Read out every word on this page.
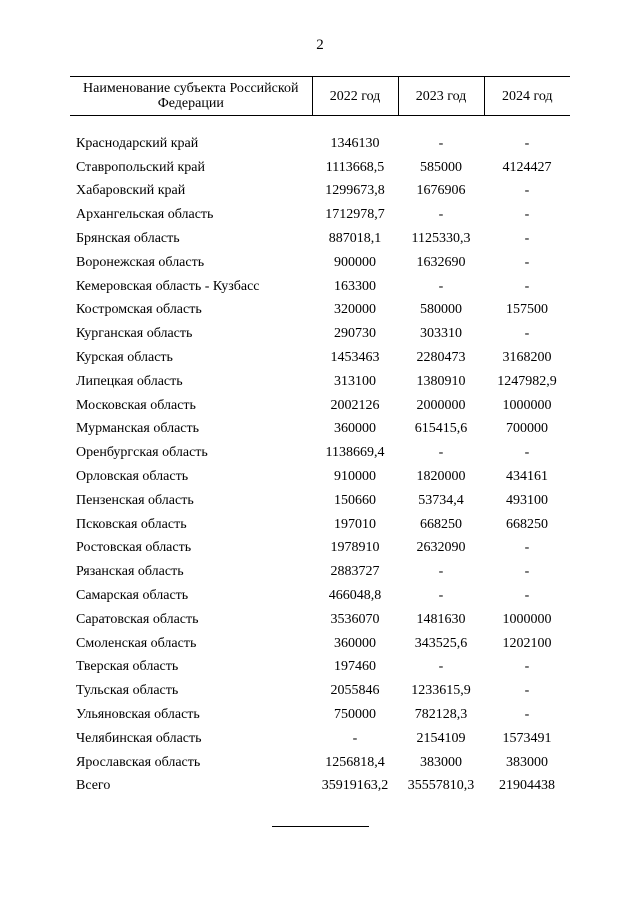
2
Наименование субъекта Российской Федерации	2022 год	2023 год	2024 год

Краснодарский край	1346130	-	-
Ставропольский край	1113668,5	585000	4124427
Хабаровский край	1299673,8	1676906	-
Архангельская область	1712978,7	-	-
Брянская область	887018,1	1125330,3	-
Воронежская область	900000	1632690	-
Кемеровская область - Кузбасс	163300	-	-
Костромская область	320000	580000	157500
Курганская область	290730	303310	-
Курская область	1453463	2280473	3168200
Липецкая область	313100	1380910	1247982,9
Московская область	2002126	2000000	1000000
Мурманская область	360000	615415,6	700000
Оренбургская область	1138669,4	-	-
Орловская область	910000	1820000	434161
Пензенская область	150660	53734,4	493100
Псковская область	197010	668250	668250
Ростовская область	1978910	2632090	-
Рязанская область	2883727	-	-
Самарская область	466048,8	-	-
Саратовская область	3536070	1481630	1000000
Смоленская область	360000	343525,6	1202100
Тверская область	197460	-	-
Тульская область	2055846	1233615,9	-
Ульяновская область	750000	782128,3	-
Челябинская область	-	2154109	1573491
Ярославская область	1256818,4	383000	383000
Всего	35919163,2	35557810,3	21904438
